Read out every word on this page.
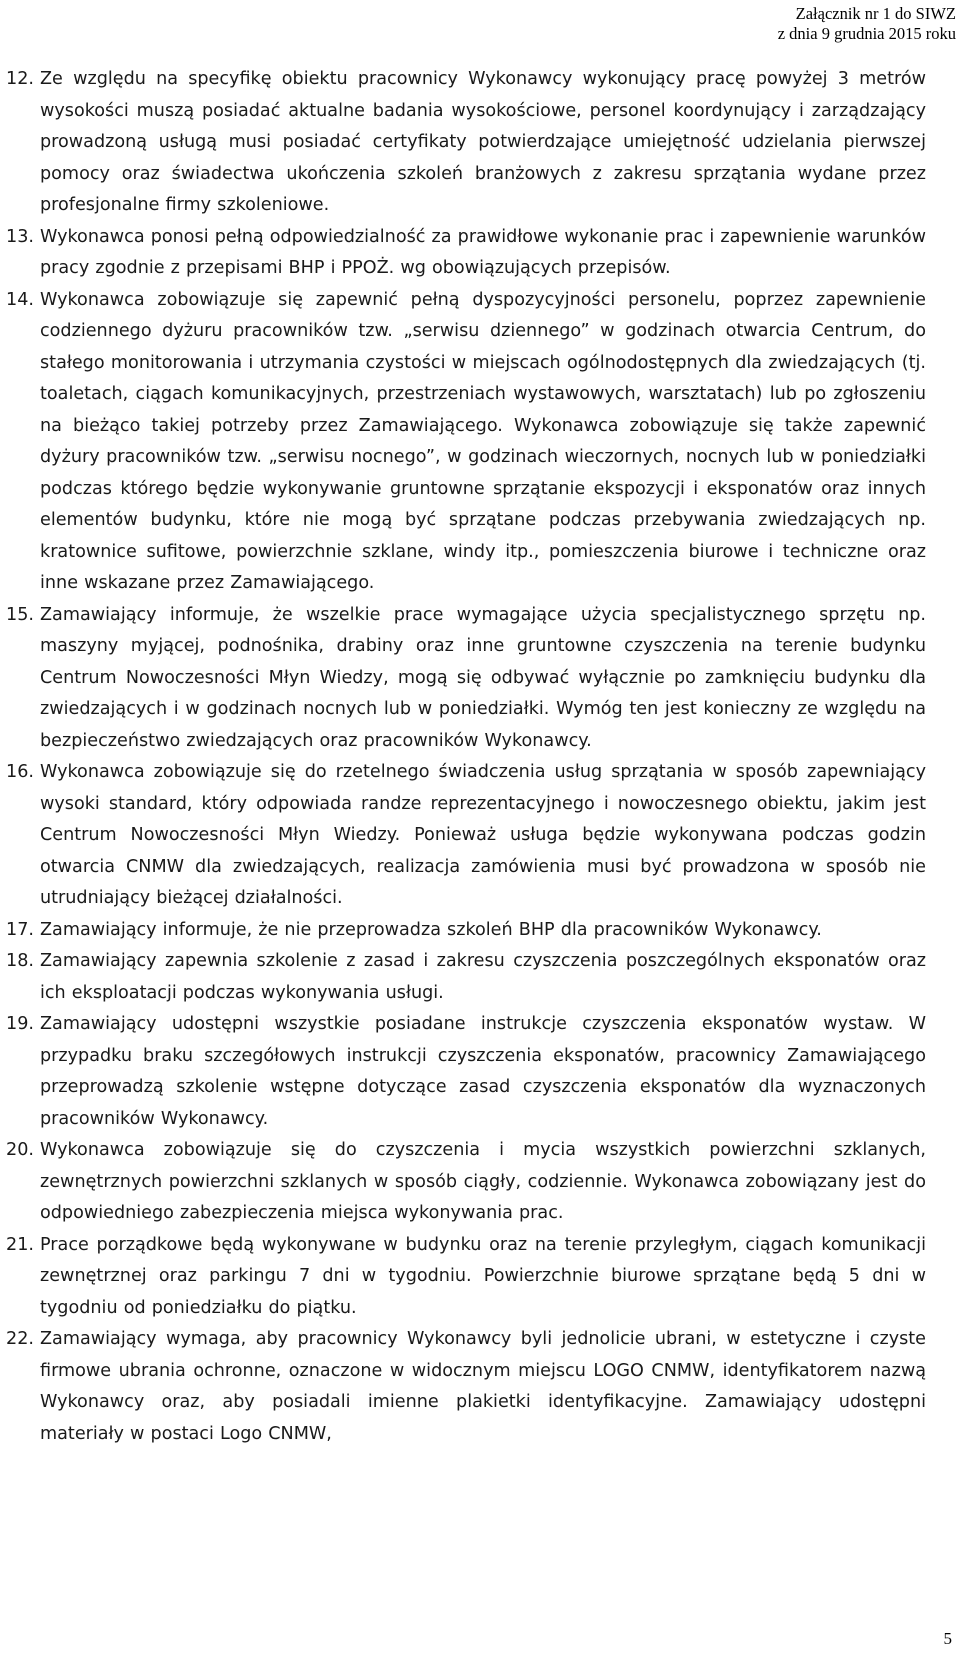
Załącznik nr 1 do SIWZ
z dnia 9 grudnia 2015 roku
12. Ze względu na specyfikę obiektu pracownicy Wykonawcy wykonujący pracę powyżej 3 metrów wysokości muszą posiadać aktualne badania wysokościowe, personel koordynujący i zarządzający prowadzoną usługą musi posiadać certyfikaty potwierdzające umiejętność udzielania pierwszej pomocy oraz świadectwa ukończenia szkoleń branżowych z zakresu sprzątania wydane przez profesjonalne firmy szkoleniowe.
13. Wykonawca ponosi pełną odpowiedzialność za prawidłowe wykonanie prac i zapewnienie warunków pracy zgodnie z przepisami BHP i PPOŻ. wg obowiązujących przepisów.
14. Wykonawca zobowiązuje się zapewnić pełną dyspozycyjności personelu, poprzez zapewnienie codziennego dyżuru pracowników tzw. „serwisu dziennego” w godzinach otwarcia Centrum, do stałego monitorowania i utrzymania czystości w miejscach ogólnodostępnych dla zwiedzających (tj. toaletach, ciągach komunikacyjnych, przestrzeniach wystawowych, warsztatach) lub po zgłoszeniu na bieżąco takiej potrzeby przez Zamawiającego. Wykonawca zobowiązuje się także zapewnić dyżury pracowników tzw. „serwisu nocnego”, w godzinach wieczornych, nocnych lub w poniedziałki podczas którego będzie wykonywanie gruntowne sprzątanie ekspozycji i eksponatów oraz innych elementów budynku, które nie mogą być sprzątane podczas przebywania zwiedzających np. kratownice sufitowe, powierzchnie szklane, windy itp., pomieszczenia biurowe i techniczne oraz inne wskazane przez Zamawiającego.
15. Zamawiający informuje, że wszelkie prace wymagające użycia specjalistycznego sprzętu np. maszyny myjącej, podnośnika, drabiny oraz inne gruntowne czyszczenia na terenie budynku Centrum Nowoczesności Młyn Wiedzy, mogą się odbywać wyłącznie po zamknięciu budynku dla zwiedzających i w godzinach nocnych lub w poniedziałki. Wymóg ten jest konieczny ze względu na bezpieczeństwo zwiedzających oraz pracowników Wykonawcy.
16. Wykonawca zobowiązuje się do rzetelnego świadczenia usług sprzątania w sposób zapewniający wysoki standard, który odpowiada randze reprezentacyjnego i nowoczesnego obiektu, jakim jest Centrum Nowoczesności Młyn Wiedzy. Ponieważ usługa będzie wykonywana podczas godzin otwarcia CNMW dla zwiedzających, realizacja zamówienia musi być prowadzona w sposób nie utrudniający bieżącej działalności.
17. Zamawiający informuje, że nie przeprowadza szkoleń BHP dla pracowników Wykonawcy.
18. Zamawiający zapewnia szkolenie z zasad i zakresu czyszczenia poszczególnych eksponatów oraz ich eksploatacji podczas wykonywania usługi.
19. Zamawiający udostępni wszystkie posiadane instrukcje czyszczenia eksponatów wystaw. W przypadku braku szczegółowych instrukcji czyszczenia eksponatów, pracownicy Zamawiającego przeprowadzą szkolenie wstępne dotyczące zasad czyszczenia eksponatów dla wyznaczonych pracowników Wykonawcy.
20. Wykonawca zobowiązuje się do czyszczenia i mycia wszystkich powierzchni szklanych, zewnętrznych powierzchni szklanych w sposób ciągły, codziennie. Wykonawca zobowiązany jest do odpowiedniego zabezpieczenia miejsca wykonywania prac.
21. Prace porządkowe będą wykonywane w budynku oraz na terenie przyległym, ciągach komunikacji zewnętrznej oraz parkingu 7 dni w tygodniu. Powierzchnie biurowe sprzątane będą 5 dni w tygodniu od poniedziałku do piątku.
22. Zamawiający wymaga, aby pracownicy Wykonawcy byli jednolicie ubrani, w estetyczne i czyste firmowe ubrania ochronne, oznaczone w widocznym miejscu LOGO CNMW, identyfikatorem nazwą Wykonawcy oraz, aby posiadali imienne plakietki identyfikacyjne. Zamawiający udostępni materiały w postaci Logo CNMW,
5
